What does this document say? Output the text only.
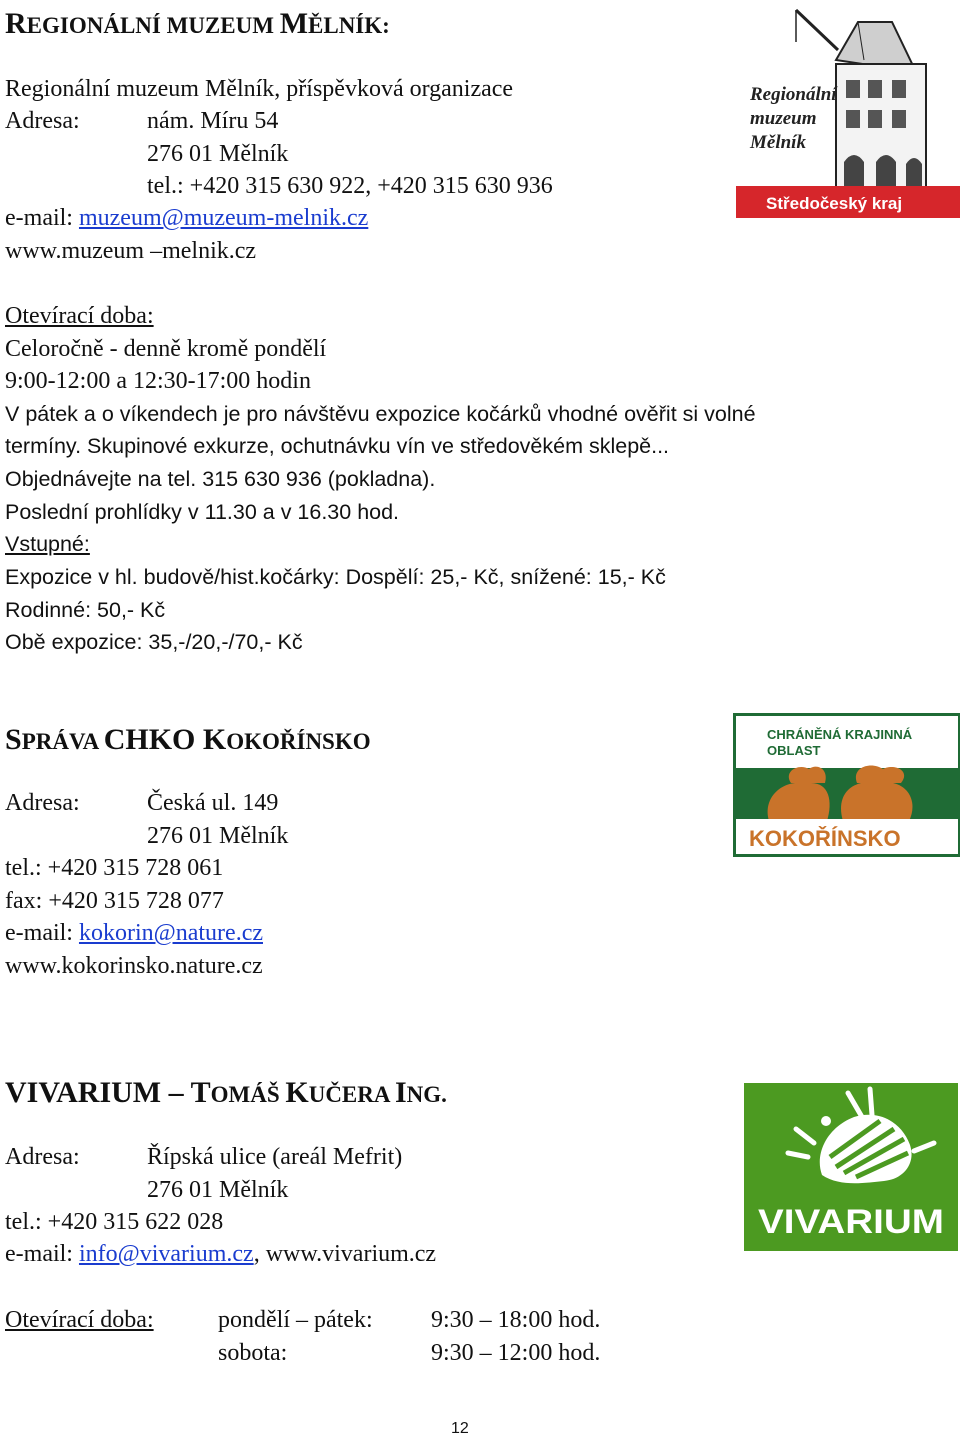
REGIONÁLNÍ MUZEUM MĚLNÍK:
Regionální muzeum Mělník, příspěvková organizace
Adresa:	nám. Míru 54
276 01 Mělník
tel.: +420 315 630 922, +420 315 630 936
e-mail: muzeum@muzeum-melnik.cz
www.muzeum –melnik.cz
Otevírací doba:
Celoročně - denně kromě pondělí
9:00-12:00 a 12:30-17:00 hodin
V pátek a o víkendech je pro návštěvu expozice kočárků vhodné ověřit si volné
termíny. Skupinové exkurze, ochutnávku vín ve středověkém sklepě...
Objednávejte na tel. 315 630 936 (pokladna).
Poslední prohlídky v 11.30 a v 16.30 hod.
Vstupné:
Expozice v hl. budově/hist.kočárky: Dospělí: 25,- Kč, snížené: 15,- Kč
Rodinné: 50,- Kč
Obě expozice: 35,-/20,-/70,- Kč
Regionální
muzeum
Mělník
Středočeský kraj
SPRÁVA CHKO KOKOŘÍNSKO
Adresa:	Česká ul. 149
276 01 Mělník
tel.: +420 315 728 061
fax: +420 315 728 077
e-mail: kokorin@nature.cz
www.kokorinsko.nature.cz
CHRÁNĚNÁ KRAJINNÁ
OBLAST
KOKOŘÍNSKO
VIVARIUM – TOMÁŠ KUČERA ING.
Adresa:	Řípská ulice (areál Mefrit)
276 01 Mělník
tel.: +420 315 622 028
e-mail: info@vivarium.cz, www.vivarium.cz
Otevírací doba:	pondělí – pátek: 9:30 – 18:00 hod.
sobota:	9:30 – 12:00 hod.
VIVARIUM
12
